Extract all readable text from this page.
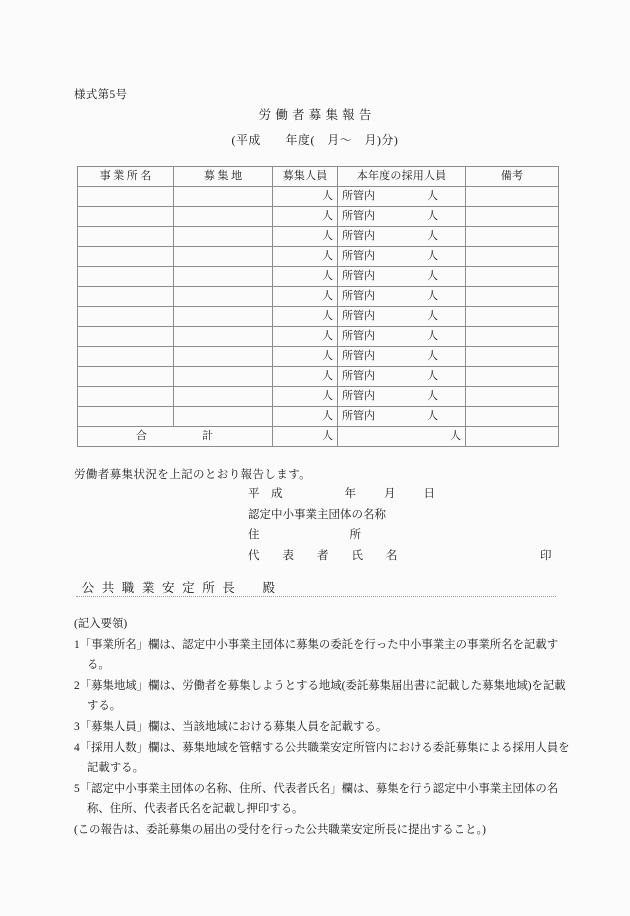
様式第5号
労働者募集報告
(平成　　年度(　月〜　月)分)
事業所名	募集地	募集人員	本年度の採用人員	備考
		人	所管内 人	

		人	所管内 人	

		人	所管内 人	

		人	所管内 人	

		人	所管内 人	

		人	所管内 人	

		人	所管内 人	

		人	所管内 人	

		人	所管内 人	

		人	所管内 人	

		人	所管内 人	

		人	所管内 人	

合 計		人	人	
労働者募集状況を上記のとおり報告します。
平　成	年 月 日
認定中小事業主団体の名称
住	所
代　　表　　者　　氏　　名	印
公共職業安定所長　殿
(記入要領)
1「事業所名」欄は、認定中小事業主団体に募集の委託を行った中小事業主の事業所名を記載する。
2「募集地域」欄は、労働者を募集しようとする地域(委託募集届出書に記載した募集地域)を記載する。
3「募集人員」欄は、当該地域における募集人員を記載する。
4「採用人数」欄は、募集地域を管轄する公共職業安定所管内における委託募集による採用人員を記載する。
5「認定中小事業主団体の名称、住所、代表者氏名」欄は、募集を行う認定中小事業主団体の名称、住所、代表者氏名を記載し押印する。
(この報告は、委託募集の届出の受付を行った公共職業安定所長に提出すること。)
